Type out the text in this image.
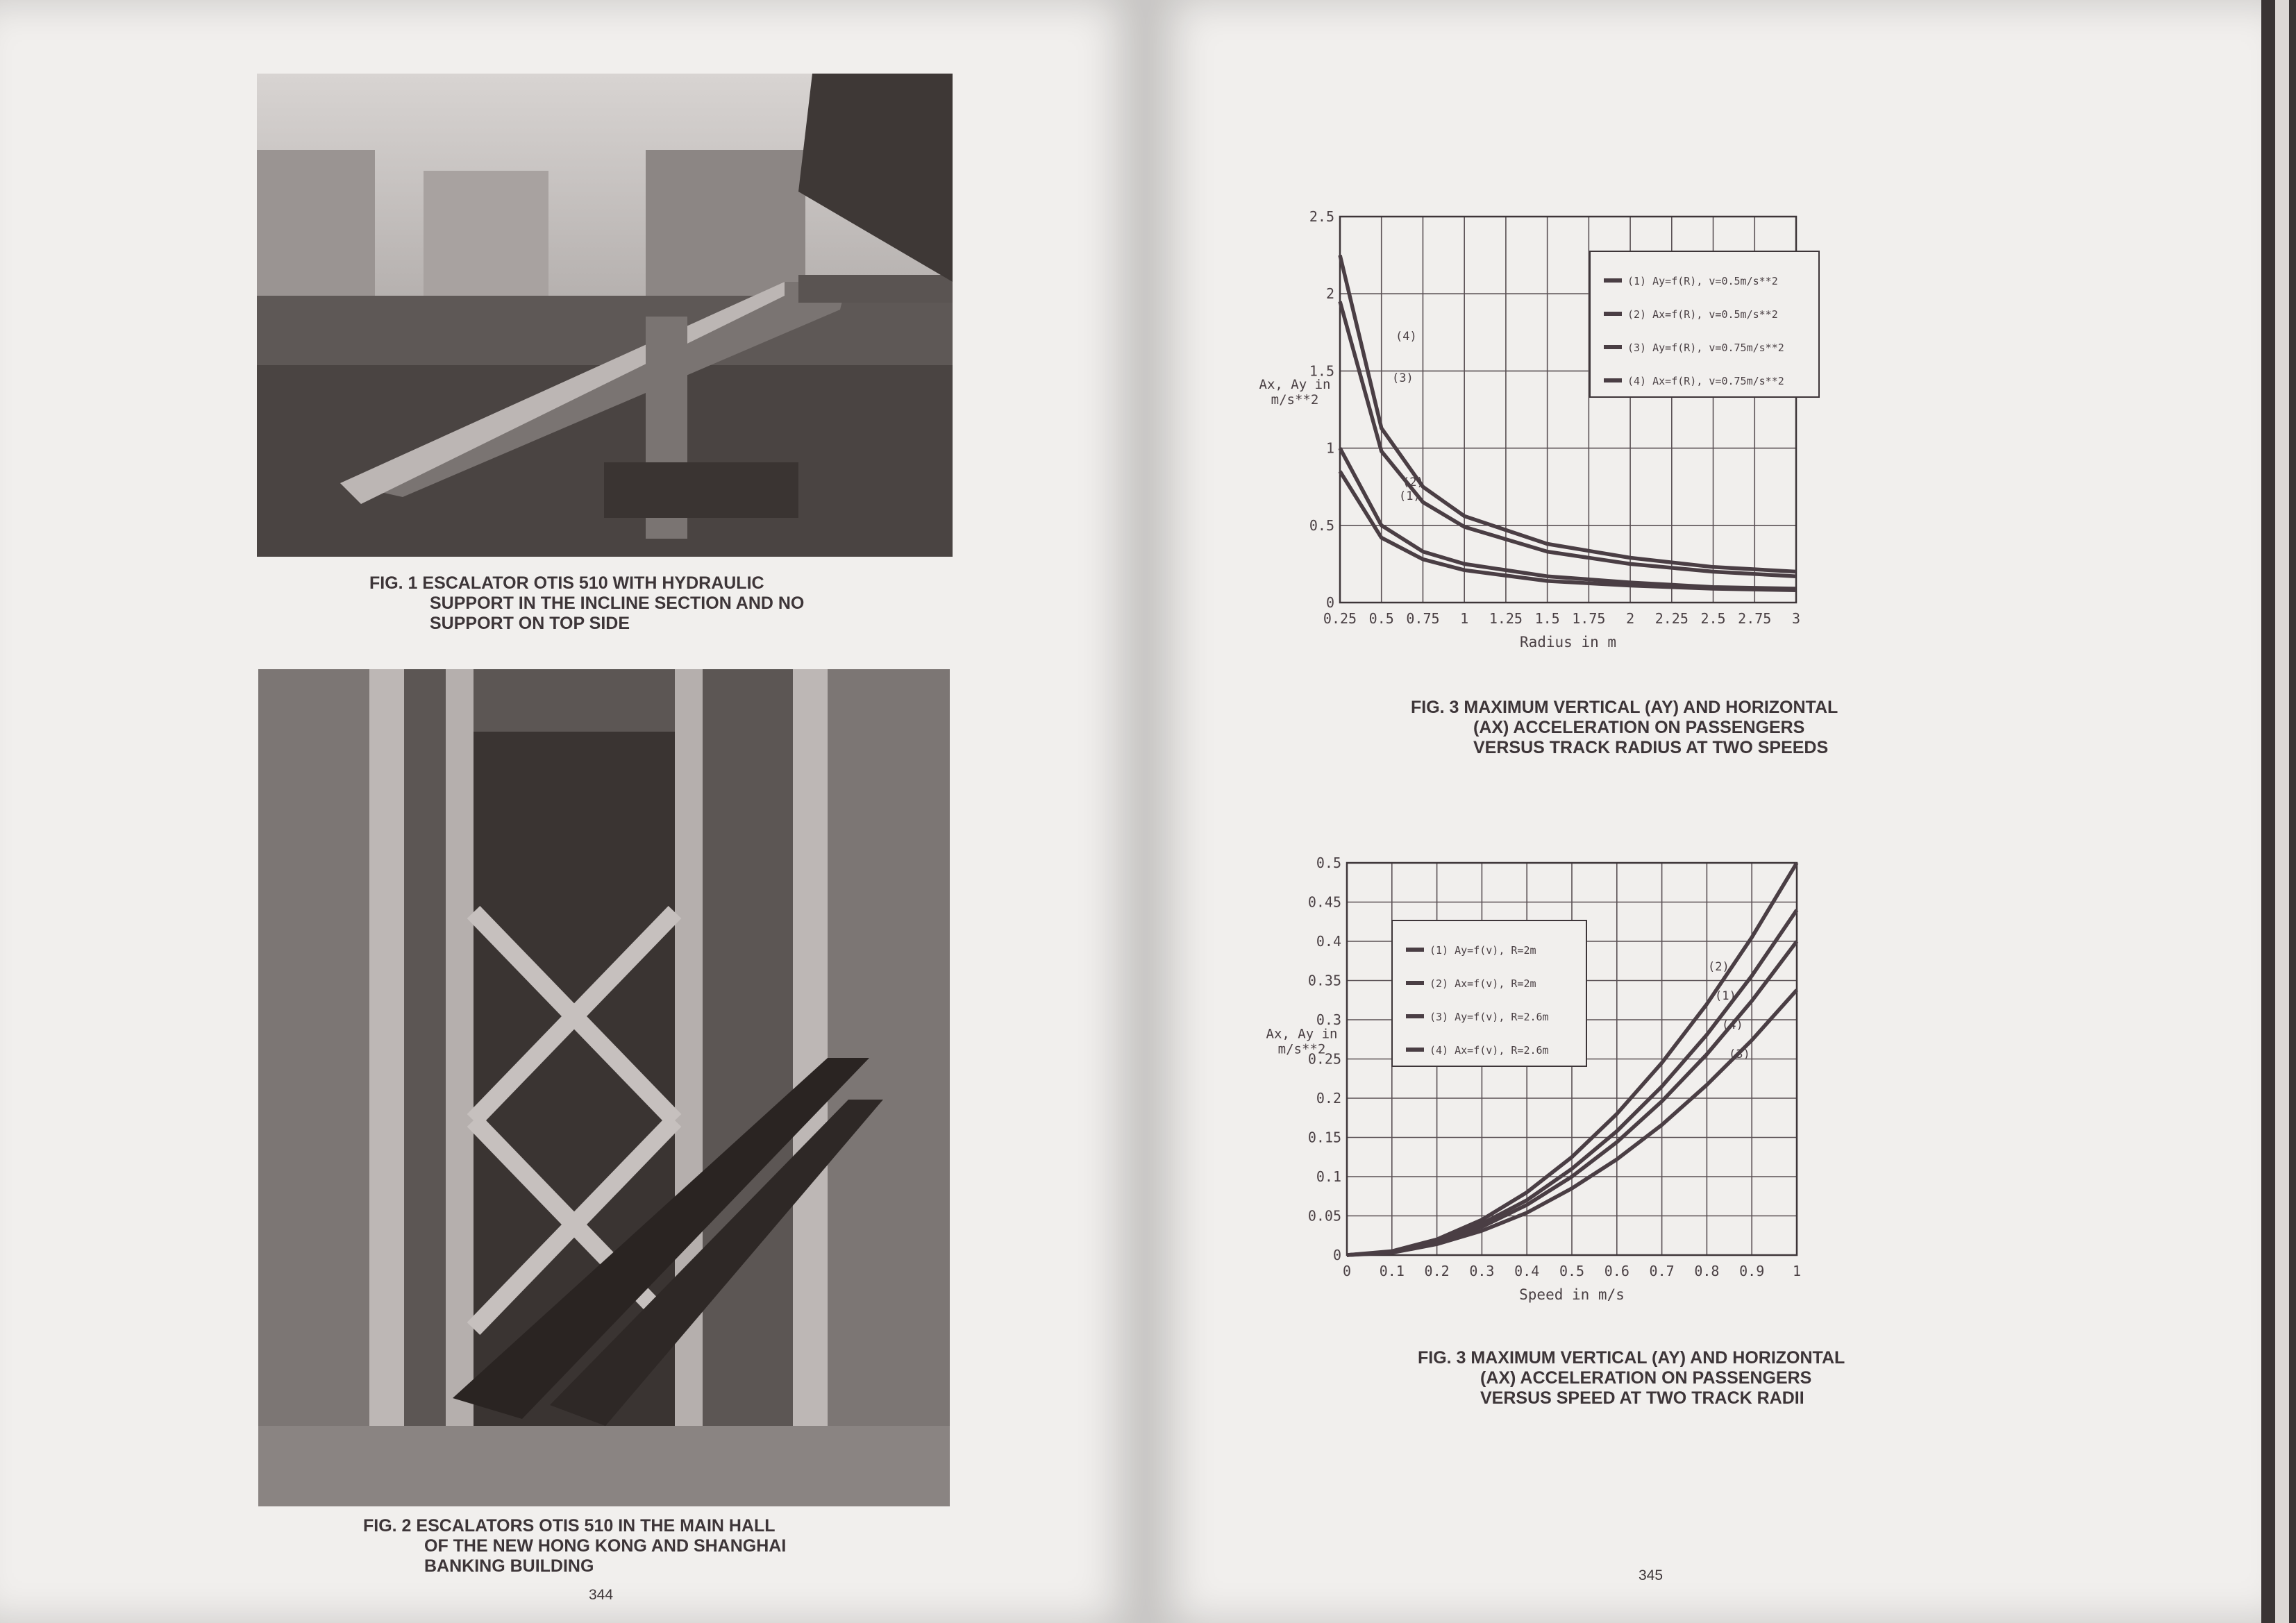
FIG. 1 ESCALATOR OTIS 510 WITH HYDRAULIC
SUPPORT IN THE INCLINE SECTION AND NO
SUPPORT ON TOP SIDE
FIG. 2 ESCALATORS OTIS 510 IN THE MAIN HALL
OF THE NEW HONG KONG AND SHANGHAI
BANKING BUILDING
344
0.25 0.5 0.75 1 1.25 1.5 1.75 2 2.25 2.5 2.75 3
0
0.5
1
1.5
2
2.5
Radius in m
Ax, Ay in
m/s**2
(4)
(3)
(2)
(1)
(1) Ay=f(R), v=0.5m/s**2
(2) Ax=f(R), v=0.5m/s**2
(3) Ay=f(R), v=0.75m/s**2
(4) Ax=f(R), v=0.75m/s**2
FIG. 3 MAXIMUM VERTICAL (AY) AND HORIZONTAL
(AX) ACCELERATION ON PASSENGERS
VERSUS TRACK RADIUS AT TWO SPEEDS
0 0.1 0.2 0.3 0.4 0.5 0.6 0.7 0.8 0.9 1
0
0.05
0.1
0.15
0.2
0.25
0.3
0.35
0.4
0.45
0.5
Speed in m/s
Ax, Ay in
m/s**2
(2)
(1)
(4)
(3)
(1) Ay=f(v), R=2m
(2) Ax=f(v), R=2m
(3) Ay=f(v), R=2.6m
(4) Ax=f(v), R=2.6m
FIG. 3 MAXIMUM VERTICAL (AY) AND HORIZONTAL
(AX) ACCELERATION ON PASSENGERS
VERSUS SPEED AT TWO TRACK RADII
345
